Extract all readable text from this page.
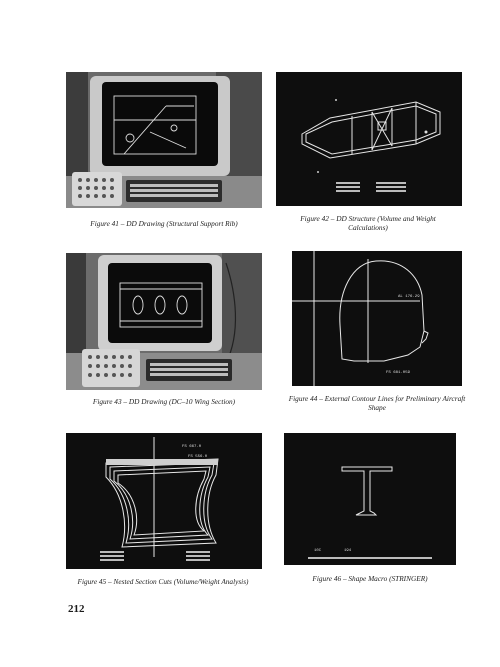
Figure 41 – DD Drawing (Structural Support Rib)
Figure 42 – DD Structure (Volume and Weight Calculations)
Figure 43 – DD Drawing (DC–10 Wing Section)
AL 176.29
FS 681.059
Figure 44 – External Contour Lines for Preliminary Aircraft Shape
FS 667.0
FS 556.0
Figure 45 – Nested Section Cuts (Volume/Weight Analysis)
10C	194
Figure 46 – Shape Macro (STRINGER)
212
